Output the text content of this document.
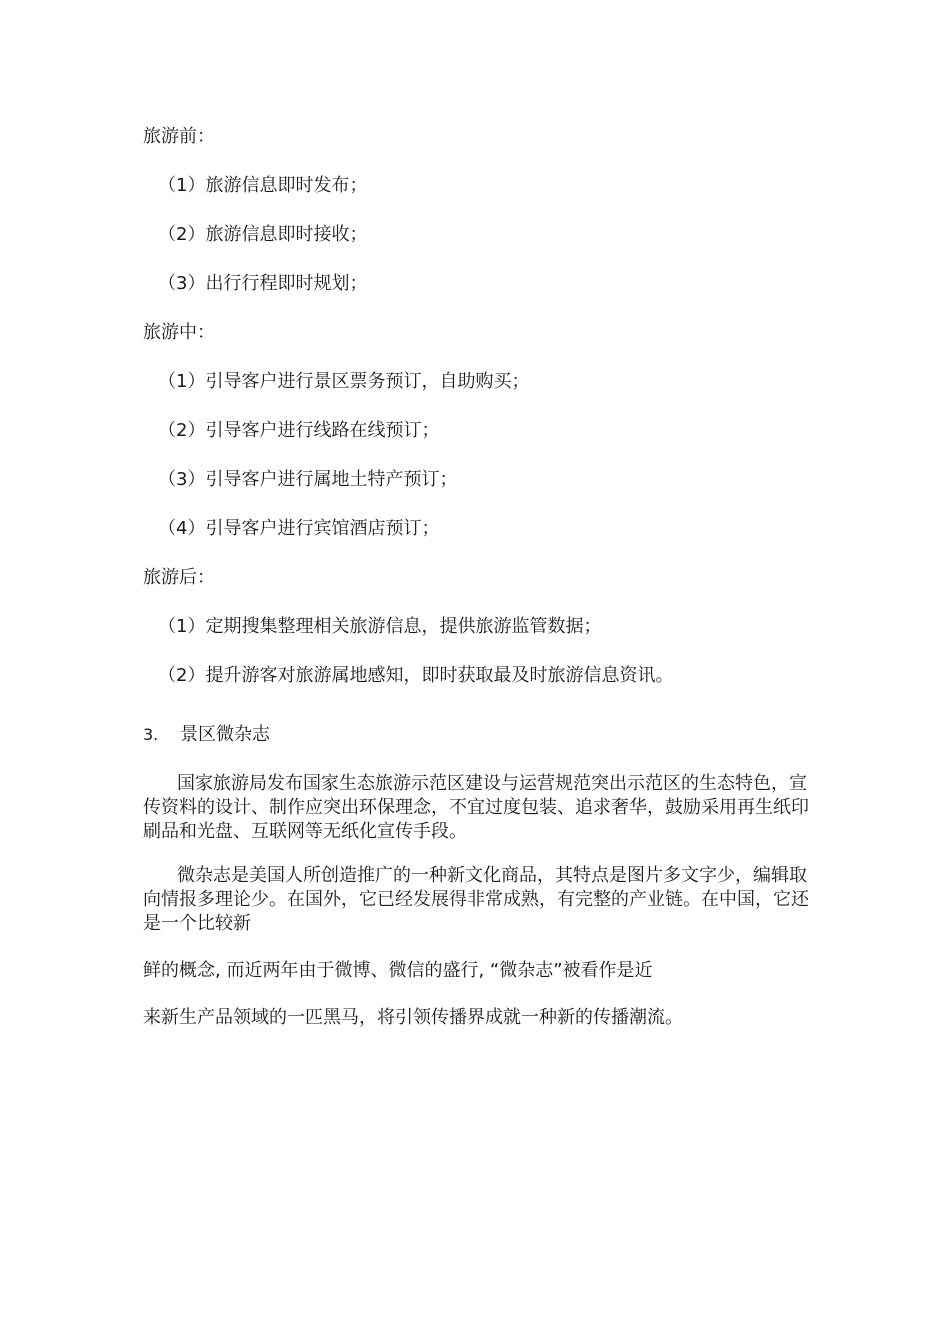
旅游前：
（1）旅游信息即时发布；
（2）旅游信息即时接收；
（3）出行行程即时规划；
旅游中：
（1）引导客户进行景区票务预订，自助购买；
（2）引导客户进行线路在线预订；
（3）引导客户进行属地土特产预订；
（4）引导客户进行宾馆酒店预订；
旅游后：
（1）定期搜集整理相关旅游信息，提供旅游监管数据；
（2）提升游客对旅游属地感知，即时获取最及时旅游信息资讯。
3. 景区微杂志
国家旅游局发布国家生态旅游示范区建设与运营规范突出示范区的生态特色，宣传资料的设计、制作应突出环保理念，不宜过度包装、追求奢华，鼓励采用再生纸印刷品和光盘、互联网等无纸化宣传手段。
微杂志是美国人所创造推广的一种新文化商品，其特点是图片多文字少，编辑取向情报多理论少。在国外，它已经发展得非常成熟，有完整的产业链。在中国，它还是一个比较新
鲜的概念, 而近两年由于微博、微信的盛行, “微杂志”被看作是近
来新生产品领域的一匹黑马，将引领传播界成就一种新的传播潮流。
